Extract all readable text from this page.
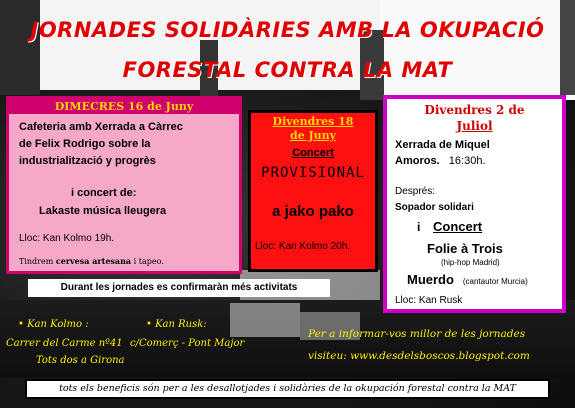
JORNADES SOLIDÀRIES AMB LA OKUPACIÓ
FORESTAL CONTRA LA MAT
DIMECRES 16 de Juny
Cafeteria amb Xerrada a Càrrec
de Felix Rodrigo sobre la
industrialització y progrès
i concert de:
Lakaste música lleugera
Lloc: Kan Kolmo 19h.
Tindrem cervesa artesana i tapeo.
Divendres 18
de Juny
Concert
PROVISIONAL
a jako pako
Lloc: Kan Kolmo 20h.
Divendres 2 de
Juliol
Xerrada de Miquel
Amoros. 16:30h.
Després:
Sopador solidari
i Concert
Folie à Trois
(hip-hop Madrid)
Muerdo (cantautor Murcia)
Lloc: Kan Rusk
Durant les jornades es confirmaràn més activitats
• Kan Kolmo :
Carrer del Carme nº41
Tots dos a Girona
• Kan Rusk:
c/Comerç - Pont Major
Per a informar-vos millor de les jornades
visiteu: www.desdelsboscos.blogspot.com
tots els beneficis són per a les desallotjades i solidàries de la okupación forestal contra la MAT
